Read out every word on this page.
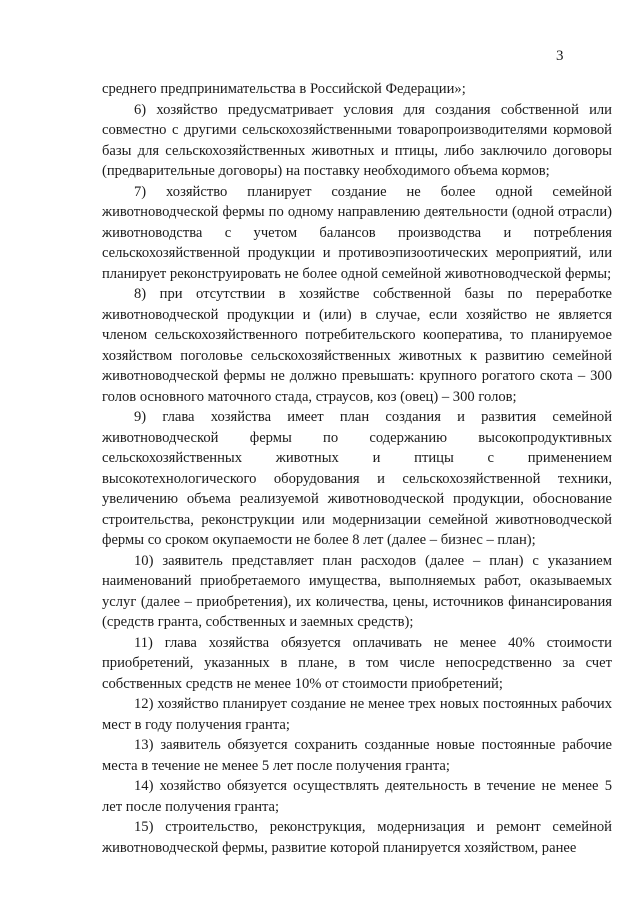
3

среднего предпринимательства в Российской Федерации»;

6) хозяйство предусматривает условия для создания собственной или совместно с другими сельскохозяйственными товаропроизводителями кормовой базы для сельскохозяйственных животных и птицы, либо заключило договоры (предварительные договоры) на поставку необходимого объема кормов;

7) хозяйство планирует создание не более одной семейной животноводческой фермы по одному направлению деятельности (одной отрасли) животноводства с учетом балансов производства и потребления сельскохозяйственной продукции и противоэпизоотических мероприятий, или планирует реконструировать не более одной семейной животноводческой фермы;

8) при отсутствии в хозяйстве собственной базы по переработке животноводческой продукции и (или) в случае, если хозяйство не является членом сельскохозяйственного потребительского кооператива, то планируемое хозяйством поголовье сельскохозяйственных животных к развитию семейной животноводческой фермы не должно превышать: крупного рогатого скота – 300 голов основного маточного стада, страусов, коз (овец) – 300 голов;

9) глава хозяйства имеет план создания и развития семейной животноводческой фермы по содержанию высокопродуктивных сельскохозяйственных животных и птицы с применением высокотехнологического оборудования и сельскохозяйственной техники, увеличению объема реализуемой животноводческой продукции, обоснование строительства, реконструкции или модернизации семейной животноводческой фермы со сроком окупаемости не более 8 лет (далее – бизнес – план);

10) заявитель представляет план расходов (далее – план) с указанием наименований приобретаемого имущества, выполняемых работ, оказываемых услуг (далее – приобретения), их количества, цены, источников финансирования (средств гранта, собственных и заемных средств);

11) глава хозяйства обязуется оплачивать не менее 40% стоимости приобретений, указанных в плане, в том числе непосредственно за счет собственных средств не менее 10% от стоимости приобретений;

12) хозяйство планирует создание не менее трех новых постоянных рабочих мест в году получения гранта;

13) заявитель обязуется сохранить созданные новые постоянные рабочие места в течение не менее 5 лет после получения гранта;

14) хозяйство обязуется осуществлять деятельность в течение не менее 5 лет после получения гранта;

15) строительство, реконструкция, модернизация и ремонт семейной животноводческой фермы, развитие которой планируется хозяйством, ранее
